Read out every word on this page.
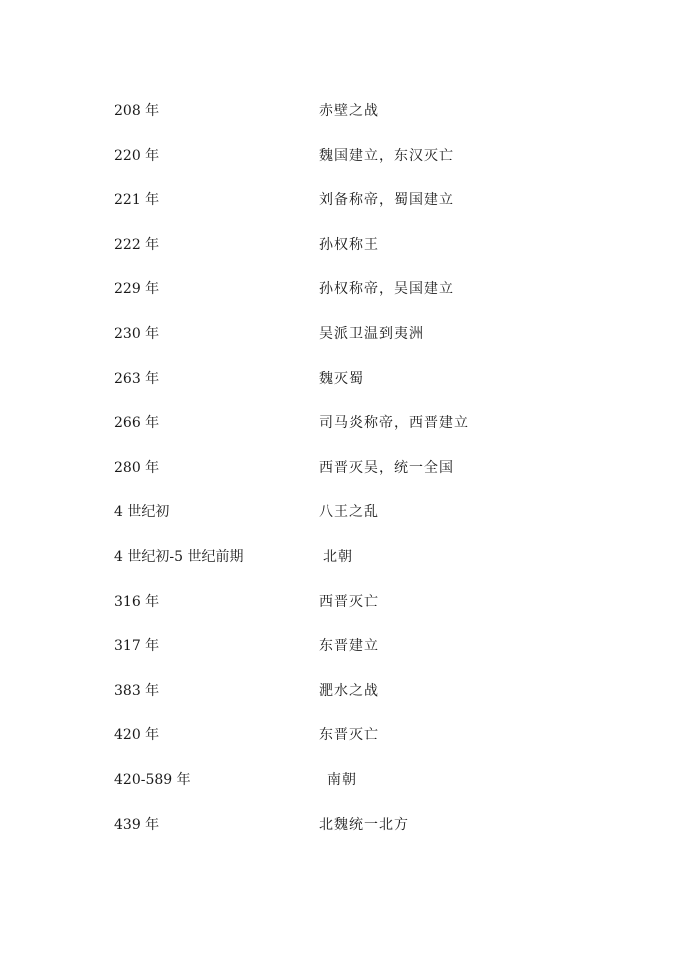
208 年	赤壁之战
220 年	魏国建立，东汉灭亡
221 年	刘备称帝，蜀国建立
222 年	孙权称王
229 年	孙权称帝，吴国建立
230 年	吴派卫温到夷洲
263 年	魏灭蜀
266 年	司马炎称帝，西晋建立
280 年	西晋灭吴，统一全国
4 世纪初	八王之乱
4 世纪初-5 世纪前期	北朝
316 年	西晋灭亡
317 年	东晋建立
383 年	淝水之战
420 年	东晋灭亡
420-589 年	南朝
439 年	北魏统一北方
